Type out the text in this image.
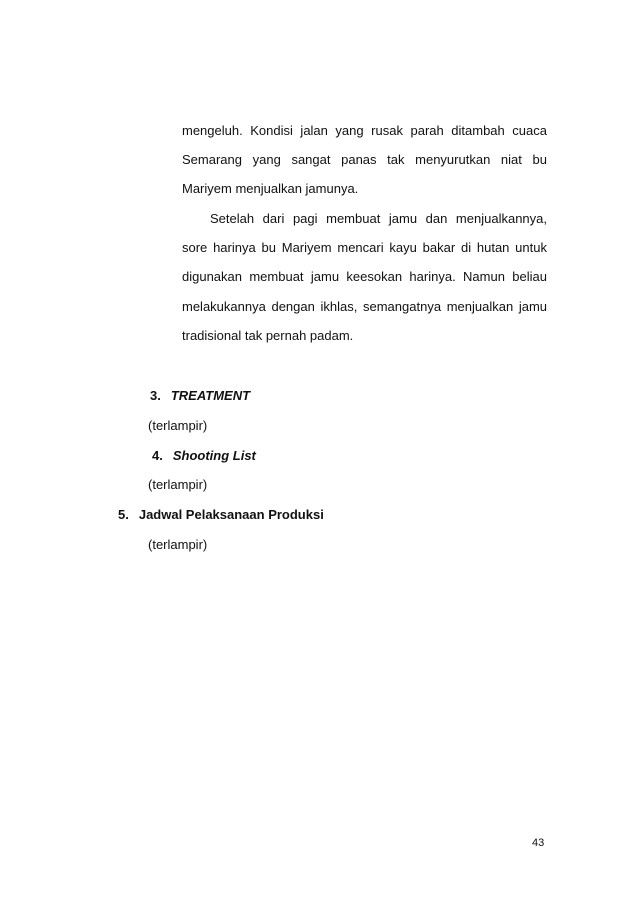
mengeluh. Kondisi jalan yang rusak parah ditambah cuaca
Semarang yang sangat panas tak menyurutkan niat bu
Mariyem menjualkan jamunya.
Setelah dari pagi membuat jamu dan menjualkannya,
sore harinya bu Mariyem mencari kayu bakar di hutan untuk
digunakan membuat jamu keesokan harinya. Namun beliau
melakukannya dengan ikhlas, semangatnya menjualkan jamu
tradisional tak pernah padam.
3. TREATMENT
(terlampir)
4. Shooting List
(terlampir)
5. Jadwal Pelaksanaan Produksi
(terlampir)
43
